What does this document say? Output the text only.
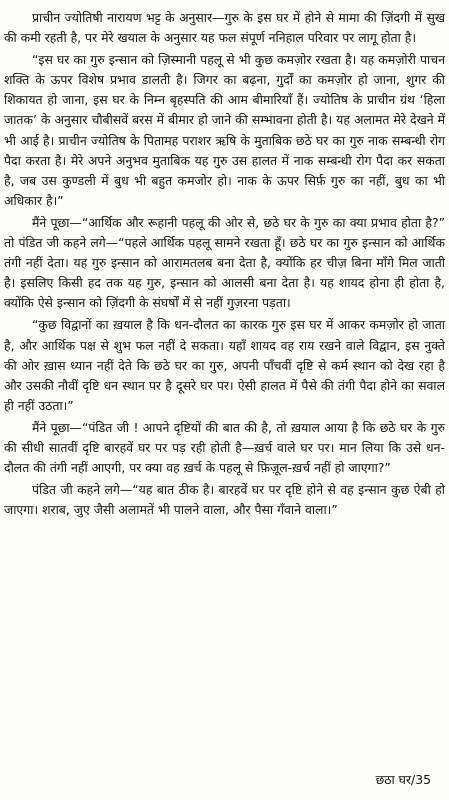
प्राचीन ज्योतिषी नारायण भट्ट के अनुसार—गुरु के इस घर में होने से मामा की ज़िंदगी में सुख की कमी रहती है, पर मेरे खयाल के अनुसार यह फल संपूर्ण ननिहाल परिवार पर लागू होता है।

“इस घर का गुरु इन्सान को ज़िस्मानी पहलू से भी कुछ कमज़ोर रखता है। यह कमज़ोरी पाचन शक्ति के ऊपर विशेष प्रभाव डालती है। जिगर का बढ़ना, गुर्दों का कमज़ोर हो जाना, शुगर की शिकायत हो जाना, इस घर के निम्न बृहस्पति की आम बीमारियाँ हैं। ज्योतिष के प्राचीन ग्रंथ ‘हिला जातक’ के अनुसार चौबीसवें बरस में बीमार हो जाने की सम्भावना होती है। यह अलामत मेरे देखने में भी आई है। प्राचीन ज्योतिष के पितामह पराशर ऋषि के मुताबिक छठे घर का गुरु नाक सम्बन्धी रोग पैदा करता है। मेरे अपने अनुभव मुताबिक यह गुरु उस हालत में नाक सम्बन्धी रोग पैदा कर सकता है, जब उस कुण्डली में बुध भी बहुत कमजोर हो। नाक के ऊपर सिर्फ़ गुरु का नहीं, बुध का भी अधिकार है।”

मैंने पूछा—“आर्थिक और रूहानी पहलू की ओर से, छठे घर के गुरु का क्या प्रभाव होता है?” तो पंडित जी कहने लगे—“पहले आर्थिक पहलू सामने रखता हूँ। छठे घर का गुरु इन्सान को आर्थिक तंगी नहीं देता। यह गुरु इन्सान को आरामतलब बना देता है, क्योंकि हर चीज़ बिना माँगे मिल जाती है। इसलिए किसी हद तक यह गुरु, इन्सान को आलसी बना देता है। यह शायद होना ही होता है, क्योंकि ऐसे इन्सान को ज़िंदगी के संघर्षों में से नहीं गुज़रना पड़ता।

“कुछ विद्वानों का ख़याल है कि धन-दौलत का कारक गुरु इस घर में आकर कमज़ोर हो जाता है, और आर्थिक पक्ष से शुभ फल नहीं दे सकता। यहाँ शायद वह राय रखने वाले विद्वान, इस नुक्ते की ओर ख़ास ध्यान नहीं देते कि छठे घर का गुरु, अपनी पाँचवीं दृष्टि से कर्म स्थान को देख रहा है और उसकी नौवीं दृष्टि धन स्थान पर है दूसरे घर पर। ऐसी हालत में पैसे की तंगी पैदा होने का सवाल ही नहीं उठता।”

मैंने पूछा—“पंडित जी ! आपने दृष्टियों की बात की है, तो ख़याल आया है कि छठे घर के गुरु की सीधी सातवीं दृष्टि बारहवें घर पर पड़ रही होती है—ख़र्च वाले घर पर। मान लिया कि उसे धन-दौलत की तंगी नहीं आएगी, पर क्या वह ख़र्च के पहलू से फ़िज़ूल-ख़र्च नहीं हो जाएगा?”

पंडित जी कहने लगे—“यह बात ठीक है। बारहवें घर पर दृष्टि होने से वह इन्सान कुछ ऐबी हो जाएगा। शराब, जुए जैसी अलामतें भी पालने वाला, और पैसा गँवाने वाला।”

छठा घर/35
